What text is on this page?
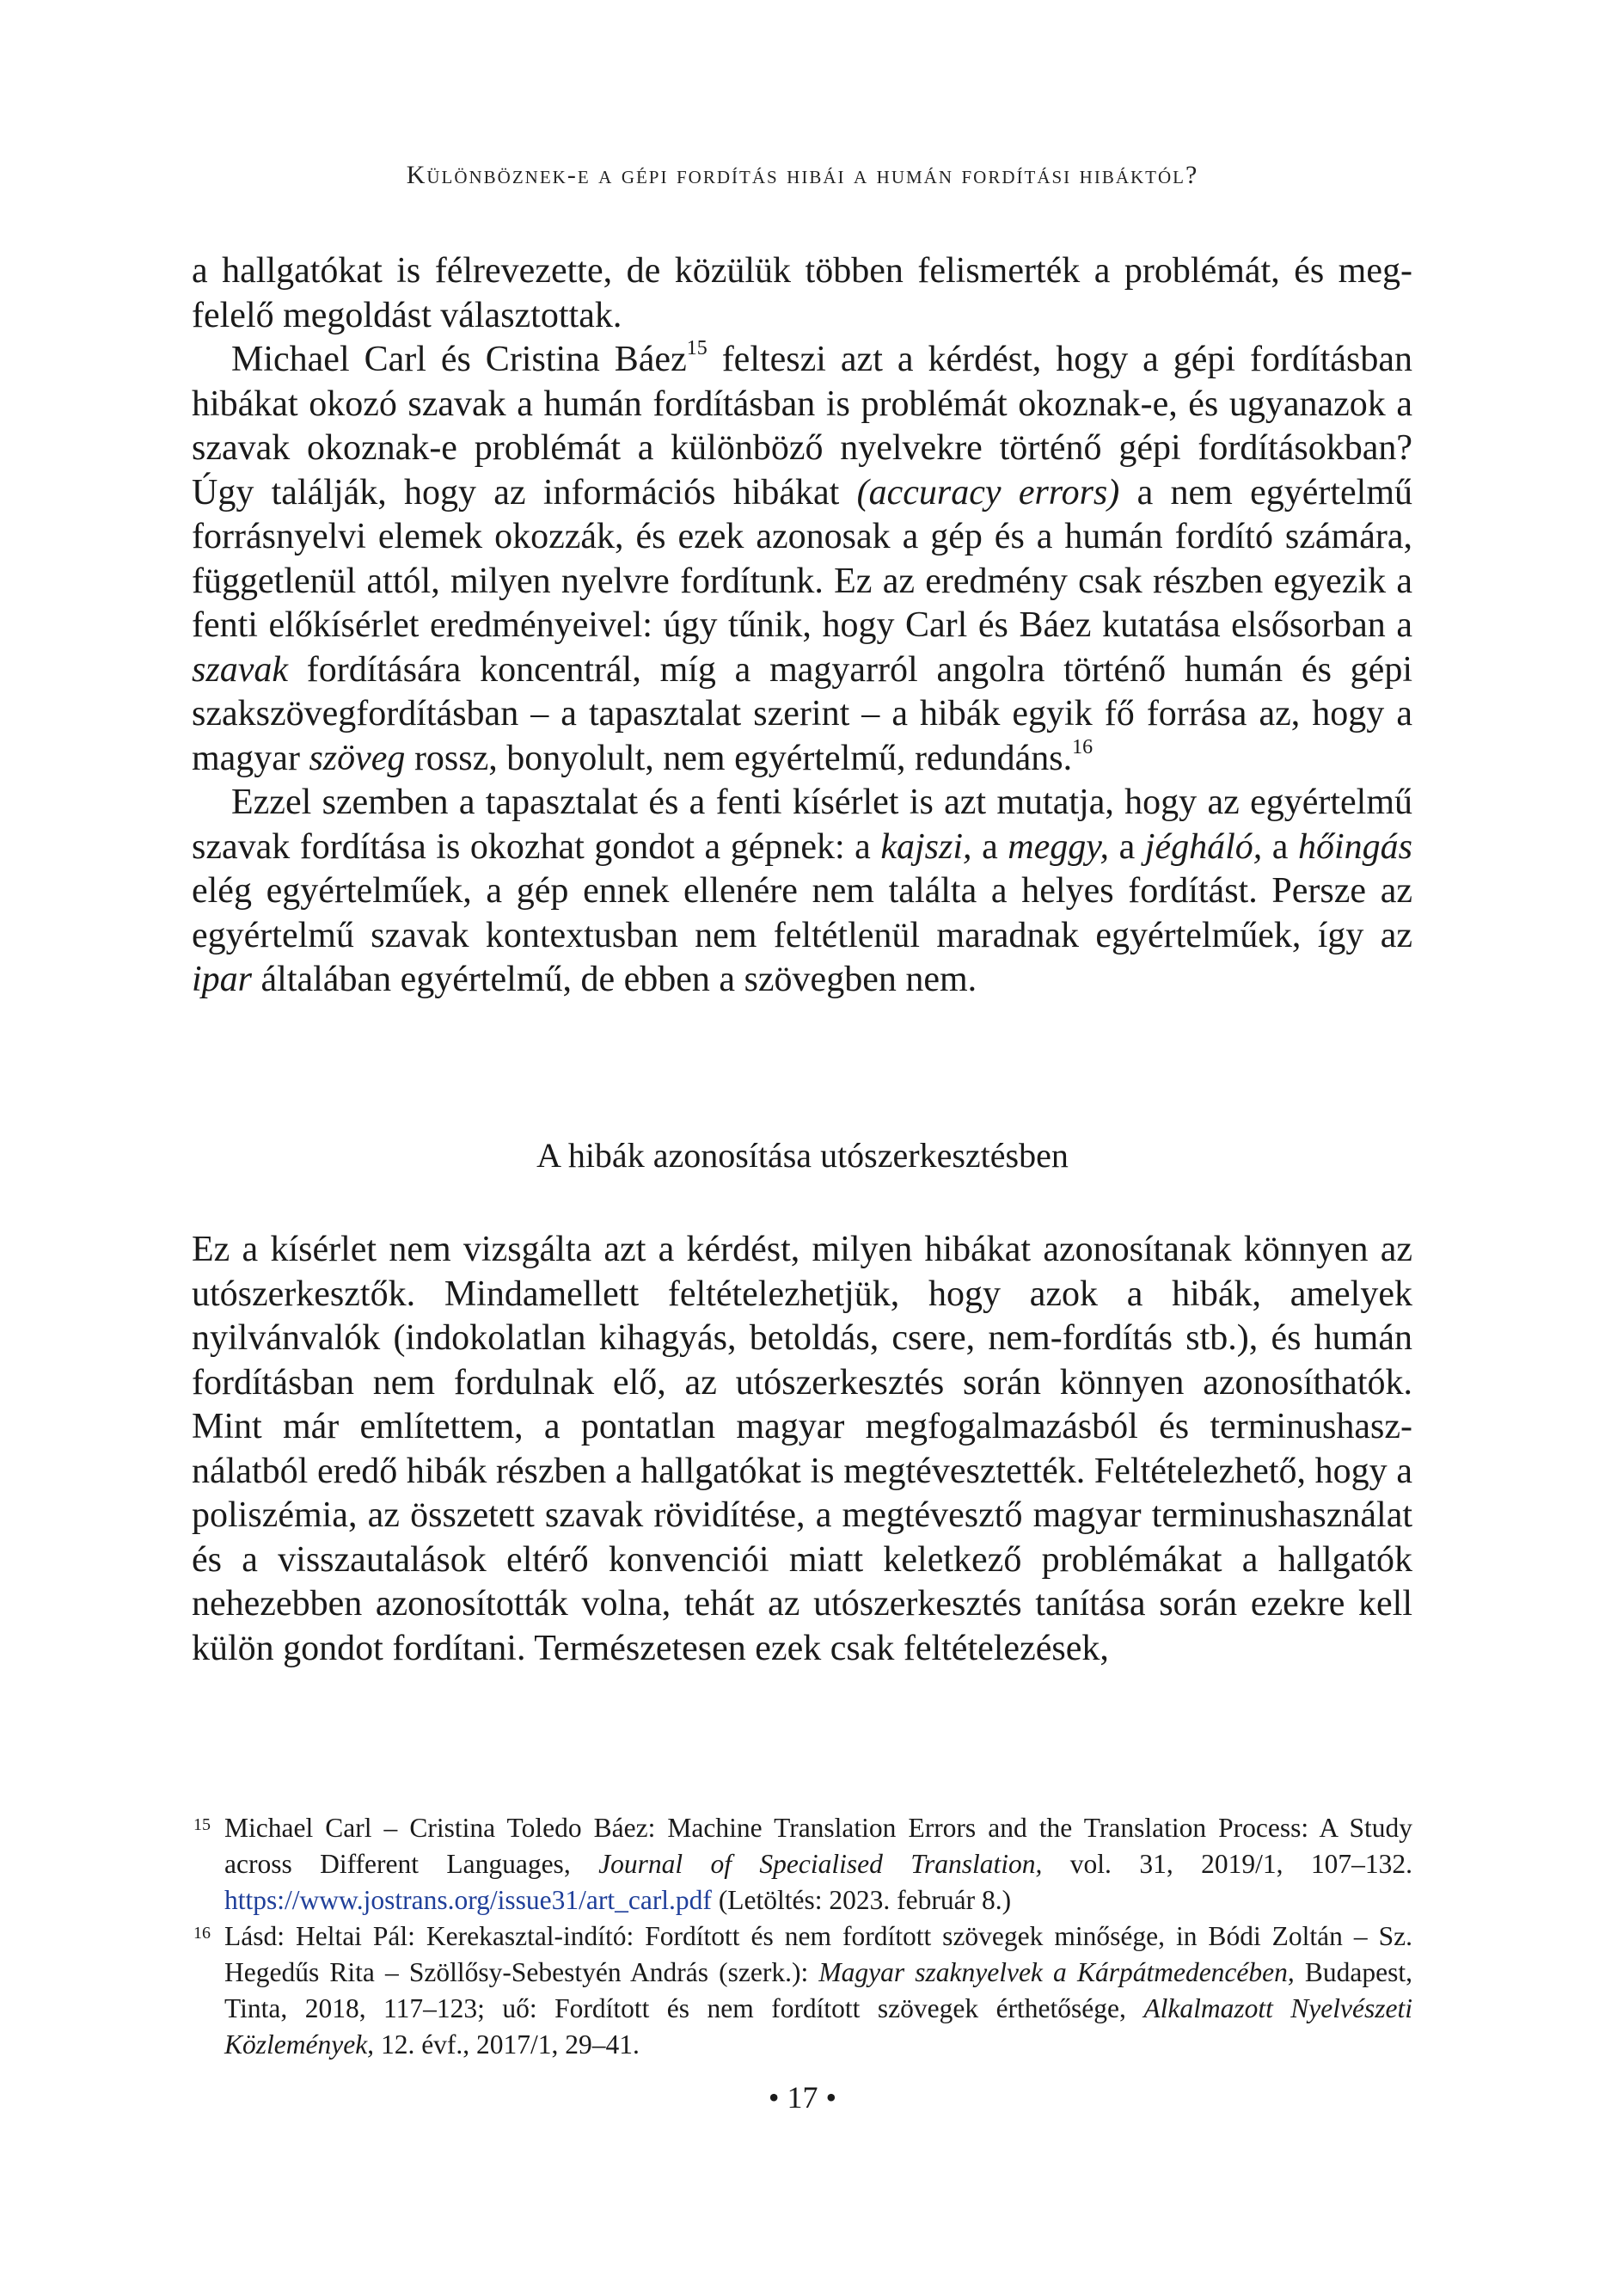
Különböznek-e a gépi fordítás hibái a humán fordítási hibáktól?

a hallgatókat is félrevezette, de közülük többen felismerték a problémát, és megfelelő megoldást választottak.

Michael Carl és Cristina Báez$^{15}$ felteszi azt a kérdést, hogy a gépi fordításban hibákat okozó szavak a humán fordításban is problémát okoznak-e, és ugyanazok a szavak okoznak-e problémát a különböző nyelvekre történő gépi fordításokban? Úgy találják, hogy az információs hibákat (accuracy errors) a nem egyértelmű forrásnyelvi elemek okozzák, és ezek azonosak a gép és a humán fordító számára, függetlenül attól, milyen nyelvre fordítunk. Ez az eredmény csak részben egyezik a fenti előkísérlet eredményeivel: úgy tűnik, hogy Carl és Báez kutatása elsősorban a szavak fordítására koncentrál, míg a magyarról angolra történő humán és gépi szakszövegfordításban – a tapasztalat szerint – a hibák egyik fő forrása az, hogy a magyar szöveg rossz, bonyolult, nem egyértelmű, redundáns.$^{16}$

Ezzel szemben a tapasztalat és a fenti kísérlet is azt mutatja, hogy az egyértelmű szavak fordítása is okozhat gondot a gépnek: a kajszi, a meggy, a jégháló, a hőingás elég egyértelműek, a gép ennek ellenére nem találta a helyes fordítást. Persze az egyértelmű szavak kontextusban nem feltétlenül maradnak egyértelműek, így az ipar általában egyértelmű, de ebben a szövegben nem.

A hibák azonosítása utószerkesztésben

Ez a kísérlet nem vizsgálta azt a kérdést, milyen hibákat azonosítanak könnyen az utószerkesztők. Mindamellett feltételezhetjük, hogy azok a hibák, amelyek nyilvánvalók (indokolatlan kihagyás, betoldás, csere, nem-fordítás stb.), és humán fordításban nem fordulnak elő, az utószerkesztés során könnyen azonosíthatók. Mint már említettem, a pontatlan magyar megfogalmazásból és terminushasználatból eredő hibák részben a hallgatókat is megtévesztették. Feltételezhető, hogy a poliszémia, az összetett szavak rövidítése, a megtévesztő magyar terminushasználat és a visszautalások eltérő konvenciói miatt keletkező problémákat a hallgatók nehezebben azonosították volna, tehát az utószerkesztés tanítása során ezekre kell külön gondot fordítani. Természetesen ezek csak feltételezések,

15 Michael Carl – Cristina Toledo Báez: Machine Translation Errors and the Translation Process: A Study across Different Languages, Journal of Specialised Translation, vol. 31, 2019/1, 107–132. https://www.jostrans.org/issue31/art_carl.pdf (Letöltés: 2023. február 8.)

16 Lásd: Heltai Pál: Kerekasztal-indító: Fordított és nem fordított szövegek minősége, in Bódi Zoltán – Sz. Hegedűs Rita – Szöllősy-Sebestyén András (szerk.): Magyar szaknyelvek a Kárpátmedencében, Budapest, Tinta, 2018, 117–123; uő: Fordított és nem fordított szövegek érthetősége, Alkalmazott Nyelvészeti Közlemények, 12. évf., 2017/1, 29–41.

• 17 •
